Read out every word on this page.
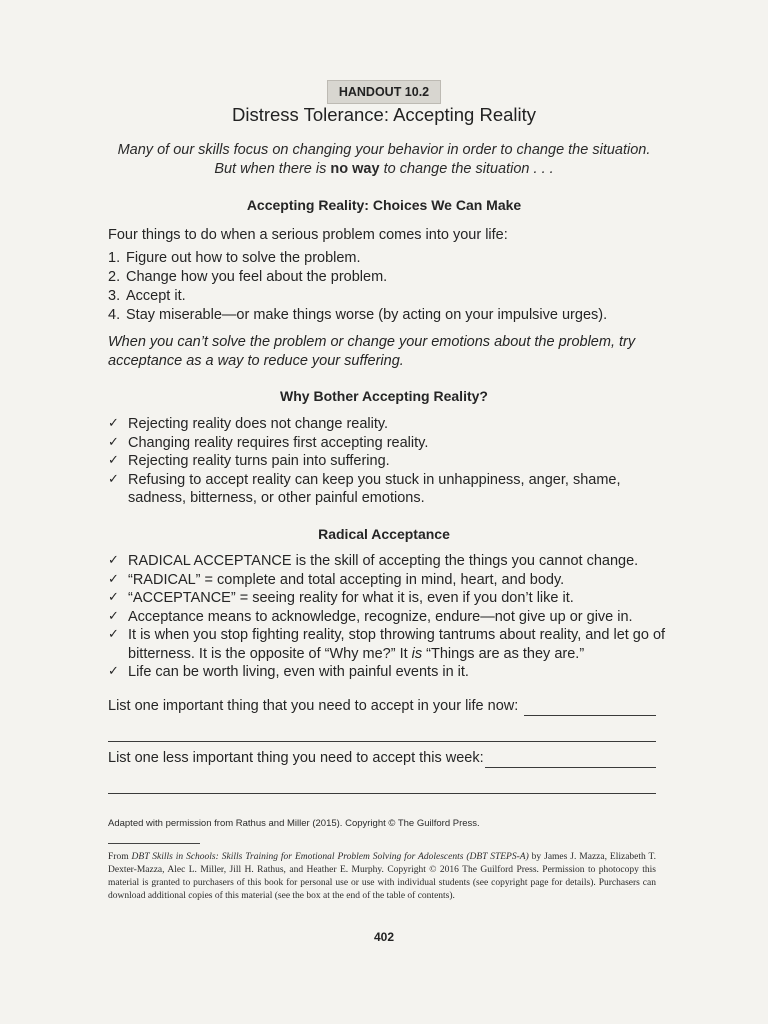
HANDOUT 10.2
Distress Tolerance: Accepting Reality
Many of our skills focus on changing your behavior in order to change the situation.
But when there is no way to change the situation . . .
Accepting Reality: Choices We Can Make
Four things to do when a serious problem comes into your life:
1. Figure out how to solve the problem.
2. Change how you feel about the problem.
3. Accept it.
4. Stay miserable—or make things worse (by acting on your impulsive urges).
When you can’t solve the problem or change your emotions about the problem, try acceptance as a way to reduce your suffering.
Why Bother Accepting Reality?
✓ Rejecting reality does not change reality.
✓ Changing reality requires first accepting reality.
✓ Rejecting reality turns pain into suffering.
✓ Refusing to accept reality can keep you stuck in unhappiness, anger, shame, sadness, bitterness, or other painful emotions.
Radical Acceptance
✓ RADICAL ACCEPTANCE is the skill of accepting the things you cannot change.
✓ “RADICAL” = complete and total accepting in mind, heart, and body.
✓ “ACCEPTANCE” = seeing reality for what it is, even if you don’t like it.
✓ Acceptance means to acknowledge, recognize, endure—not give up or give in.
✓ It is when you stop fighting reality, stop throwing tantrums about reality, and let go of bitterness. It is the opposite of “Why me?” It is “Things are as they are.”
✓ Life can be worth living, even with painful events in it.
List one important thing that you need to accept in your life now:
List one less important thing you need to accept this week:
Adapted with permission from Rathus and Miller (2015). Copyright © The Guilford Press.
From DBT Skills in Schools: Skills Training for Emotional Problem Solving for Adolescents (DBT STEPS-A) by James J. Mazza, Elizabeth T. Dexter-Mazza, Alec L. Miller, Jill H. Rathus, and Heather E. Murphy. Copyright © 2016 The Guilford Press. Permission to photocopy this material is granted to purchasers of this book for personal use or use with individual students (see copyright page for details). Purchasers can download additional copies of this material (see the box at the end of the table of contents).
402
